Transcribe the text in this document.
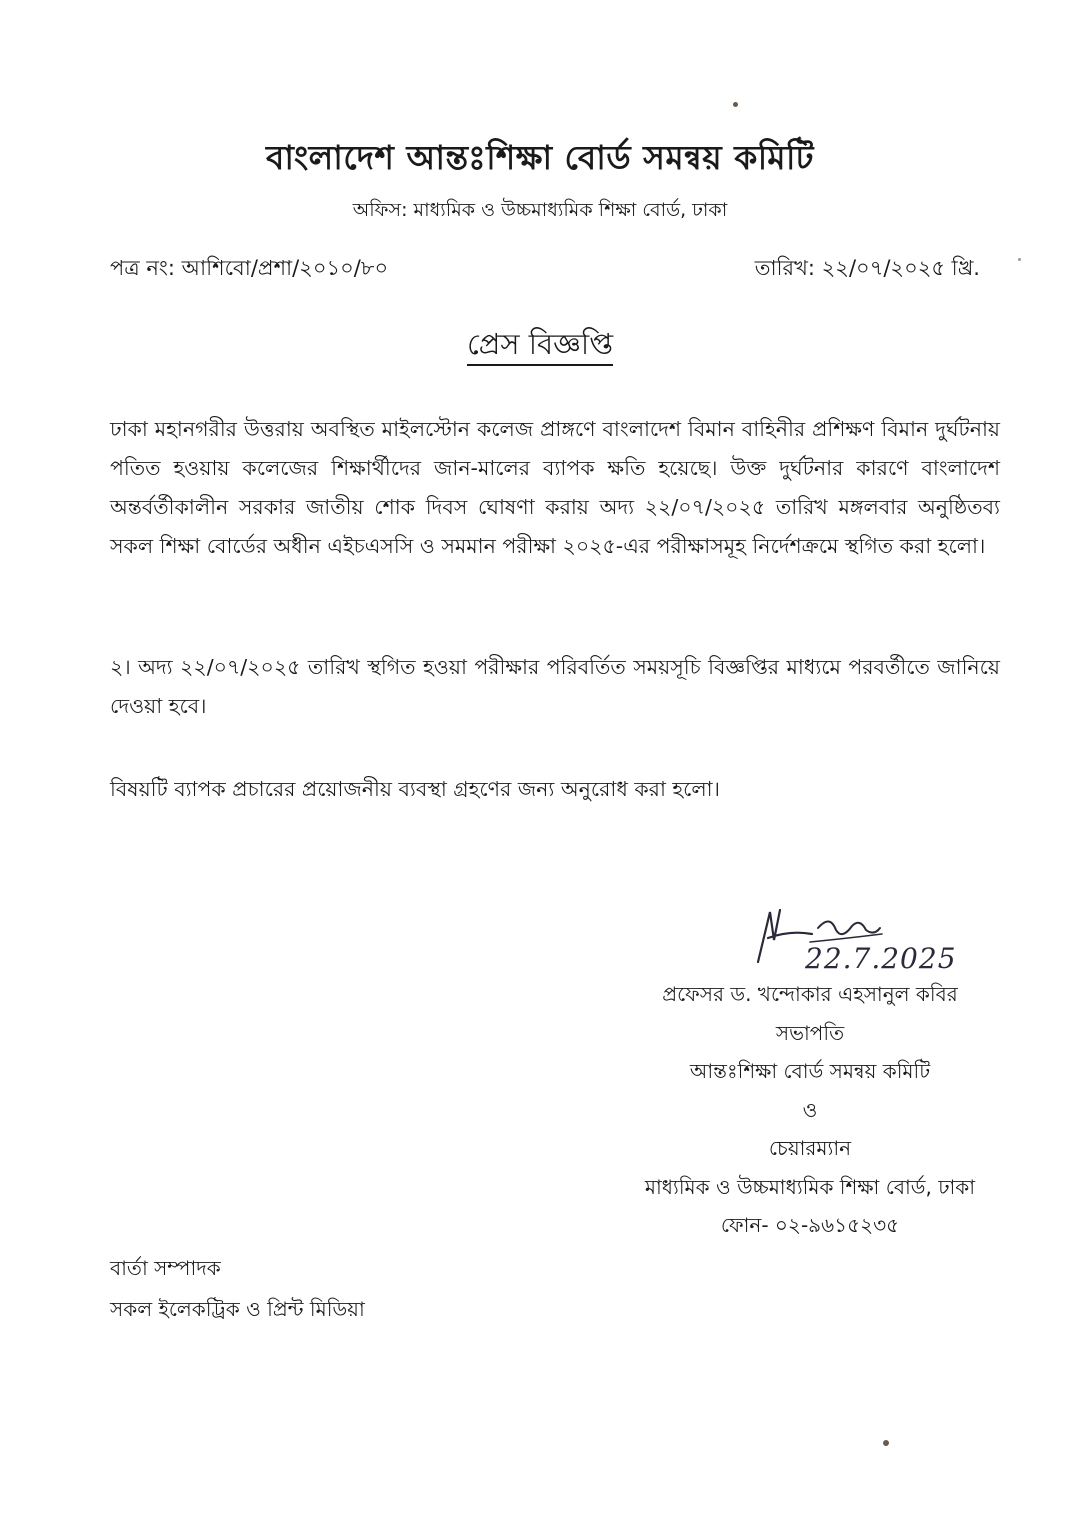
বাংলাদেশ আন্তঃশিক্ষা বোর্ড সমন্বয় কমিটি
অফিস: মাধ্যমিক ও উচ্চমাধ্যমিক শিক্ষা বোর্ড, ঢাকা
পত্র নং: আশিবো/প্রশা/২০১০/৮০	তারিখ: ২২/০৭/২০২৫ খ্রি.
প্রেস বিজ্ঞপ্তি
ঢাকা মহানগরীর উত্তরায় অবস্থিত মাইলস্টোন কলেজ প্রাঙ্গণে বাংলাদেশ বিমান বাহিনীর প্রশিক্ষণ বিমান দুর্ঘটনায় পতিত হওয়ায় কলেজের শিক্ষার্থীদের জান-মালের ব্যাপক ক্ষতি হয়েছে। উক্ত দুর্ঘটনার কারণে বাংলাদেশ অন্তর্বর্তীকালীন সরকার জাতীয় শোক দিবস ঘোষণা করায় অদ্য ২২/০৭/২০২৫ তারিখ মঙ্গলবার অনুষ্ঠিতব্য সকল শিক্ষা বোর্ডের অধীন এইচএসসি ও সমমান পরীক্ষা ২০২৫-এর পরীক্ষাসমূহ নির্দেশক্রমে স্থগিত করা হলো।
২। অদ্য ২২/০৭/২০২৫ তারিখ স্থগিত হওয়া পরীক্ষার পরিবর্তিত সময়সূচি বিজ্ঞপ্তির মাধ্যমে পরবর্তীতে জানিয়ে দেওয়া হবে।
বিষয়টি ব্যাপক প্রচারের প্রয়োজনীয় ব্যবস্থা গ্রহণের জন্য অনুরোধ করা হলো।
22.7.2025
প্রফেসর ড. খন্দোকার এহসানুল কবির
সভাপতি
আন্তঃশিক্ষা বোর্ড সমন্বয় কমিটি
ও
চেয়ারম্যান
মাধ্যমিক ও উচ্চমাধ্যমিক শিক্ষা বোর্ড, ঢাকা
ফোন- ০২-৯৬১৫২৩৫
বার্তা সম্পাদক
সকল ইলেকট্রিক ও প্রিন্ট মিডিয়া
